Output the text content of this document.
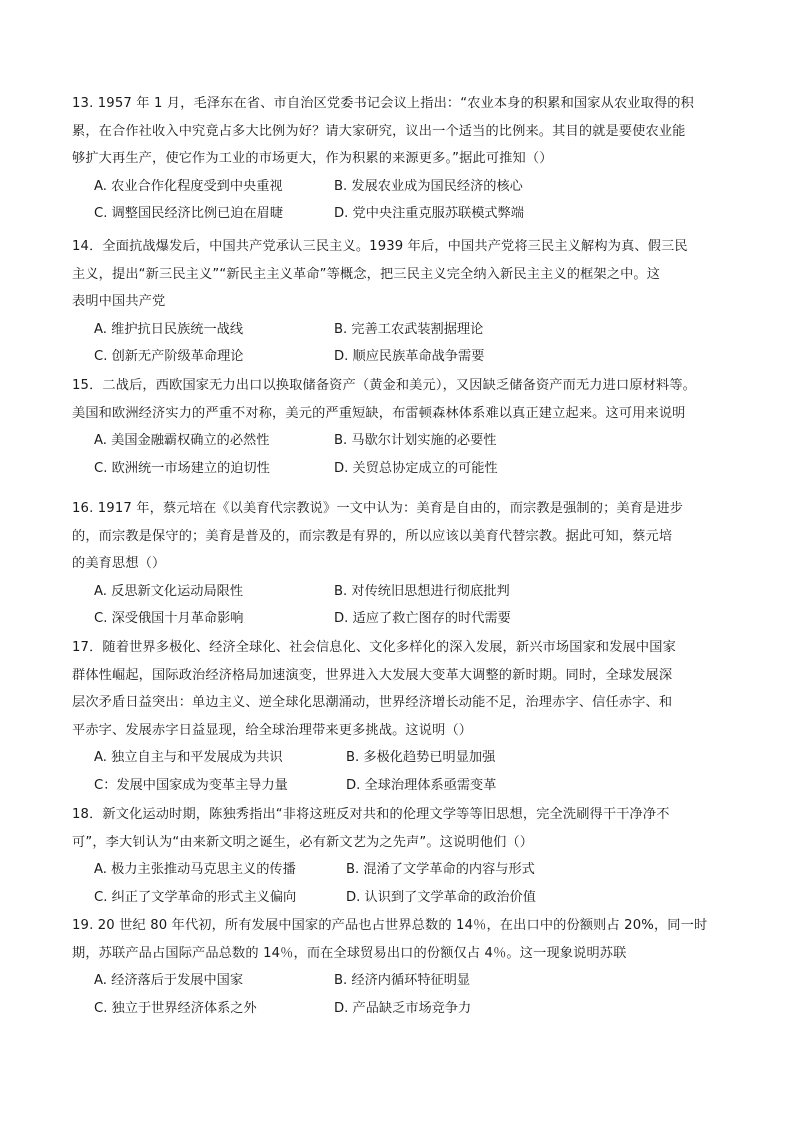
13. 1957 年 1 月，毛泽东在省、市自治区党委书记会议上指出：“农业本身的积累和国家从农业取得的积
累，在合作社收入中究竟占多大比例为好？请大家研究，议出一个适当的比例来。其目的就是要使农业能
够扩大再生产，使它作为工业的市场更大，作为积累的来源更多。”据此可推知（）
A. 农业合作化程度受到中央重视	B. 发展农业成为国民经济的核心
C. 调整国民经济比例已迫在眉睫	D. 党中央注重克服苏联模式弊端
14．全面抗战爆发后，中国共产党承认三民主义。1939 年后，中国共产党将三民主义解构为真、假三民
主义，提出“新三民主义”“新民主主义革命”等概念，把三民主义完全纳入新民主主义的框架之中。这
表明中国共产党
A. 维护抗日民族统一战线	B. 完善工农武装割据理论
C. 创新无产阶级革命理论	D. 顺应民族革命战争需要
15．二战后，西欧国家无力出口以换取储备资产（黄金和美元），又因缺乏储备资产而无力进口原材料等。
美国和欧洲经济实力的严重不对称，美元的严重短缺，布雷顿森林体系难以真正建立起来。这可用来说明
A. 美国金融霸权确立的必然性	B. 马歇尔计划实施的必要性
C. 欧洲统一市场建立的迫切性	D. 关贸总协定成立的可能性
16. 1917 年，蔡元培在《以美育代宗教说》一文中认为：美育是自由的，而宗教是强制的；美育是进步
的，而宗教是保守的；美育是普及的，而宗教是有界的，所以应该以美育代替宗教。据此可知，蔡元培
的美育思想（）
A. 反思新文化运动局限性	B. 对传统旧思想进行彻底批判
C. 深受俄国十月革命影响	D. 适应了救亡图存的时代需要
17．随着世界多极化、经济全球化、社会信息化、文化多样化的深入发展，新兴市场国家和发展中国家
群体性崛起，国际政治经济格局加速演变，世界进入大发展大变革大调整的新时期。同时，全球发展深
层次矛盾日益突出：单边主义、逆全球化思潮涌动，世界经济增长动能不足，治理赤字、信任赤字、和
平赤字、发展赤字日益显现，给全球治理带来更多挑战。这说明（）
A. 独立自主与和平发展成为共识	B. 多极化趋势已明显加强
C：发展中国家成为变革主导力量	D. 全球治理体系亟需变革
18．新文化运动时期，陈独秀指出“非将这班反对共和的伦理文学等等旧思想，完全洗刷得干干净净不
可”，李大钊认为“由来新文明之诞生，必有新文艺为之先声”。这说明他们（）
A. 极力主张推动马克思主义的传播	B. 混淆了文学革命的内容与形式
C. 纠正了文学革命的形式主义偏向	D. 认识到了文学革命的政治价值
19. 20 世纪 80 年代初，所有发展中国家的产品也占世界总数的 14％，在出口中的份额则占 20%，同一时
期，苏联产品占国际产品总数的 14％，而在全球贸易出口的份额仅占 4％。这一现象说明苏联
A. 经济落后于发展中国家	B. 经济内循环特征明显
C. 独立于世界经济体系之外	D. 产品缺乏市场竞争力
